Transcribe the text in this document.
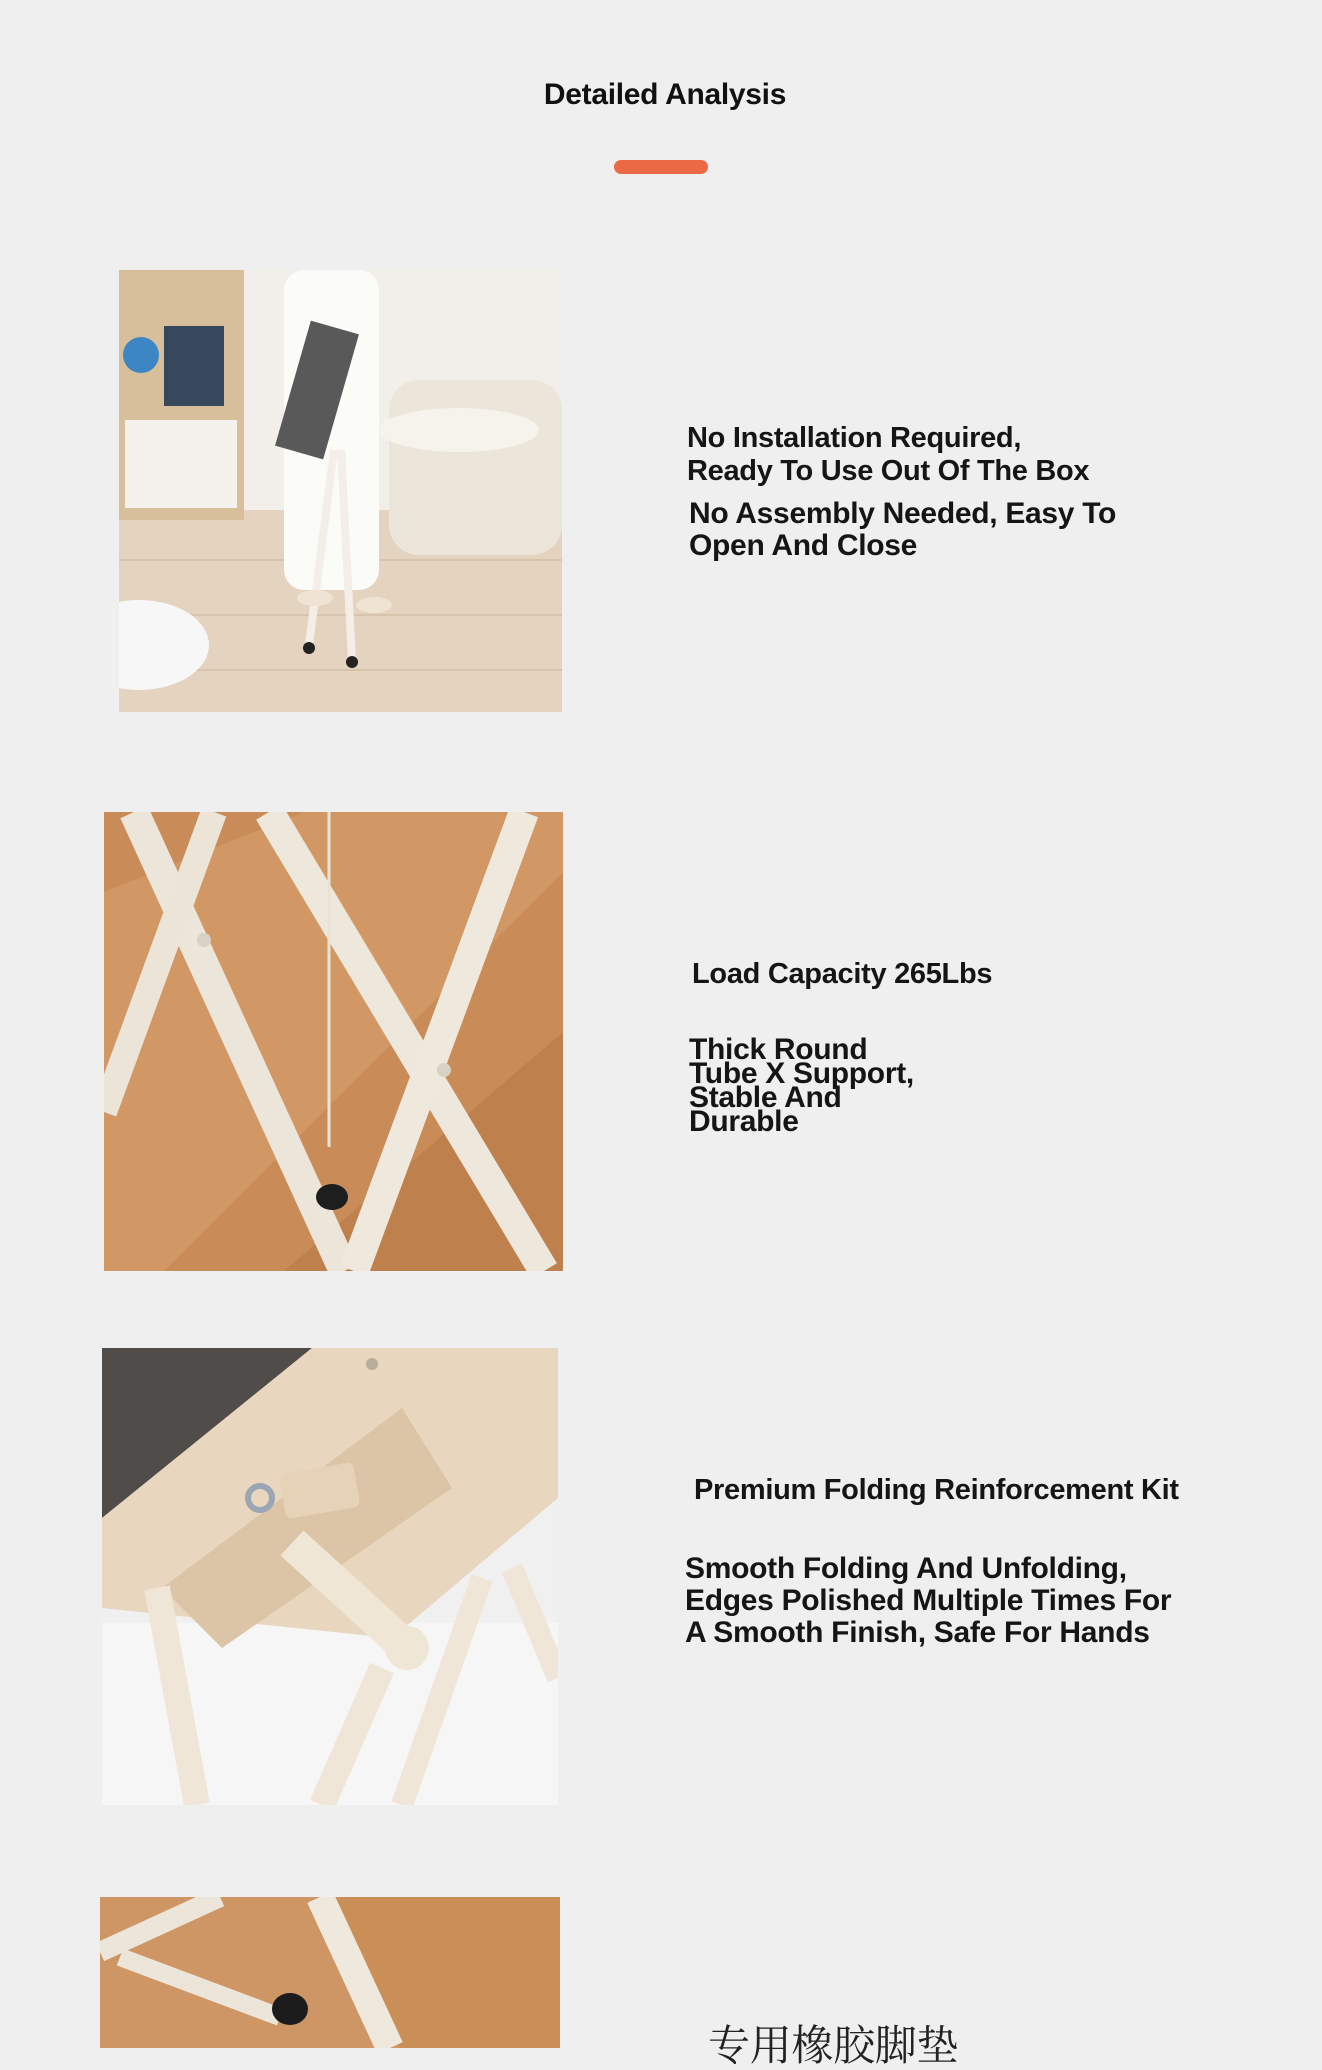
Detailed Analysis
No Installation Required,
Ready To Use Out Of The Box
No Assembly Needed, Easy To
Open And Close
Load Capacity 265Lbs
Thick Round
Tube X Support,
Stable And
Durable
Premium Folding Reinforcement Kit
Smooth Folding And Unfolding,
Edges Polished Multiple Times For
A Smooth Finish, Safe For Hands
专用橡胶脚垫
